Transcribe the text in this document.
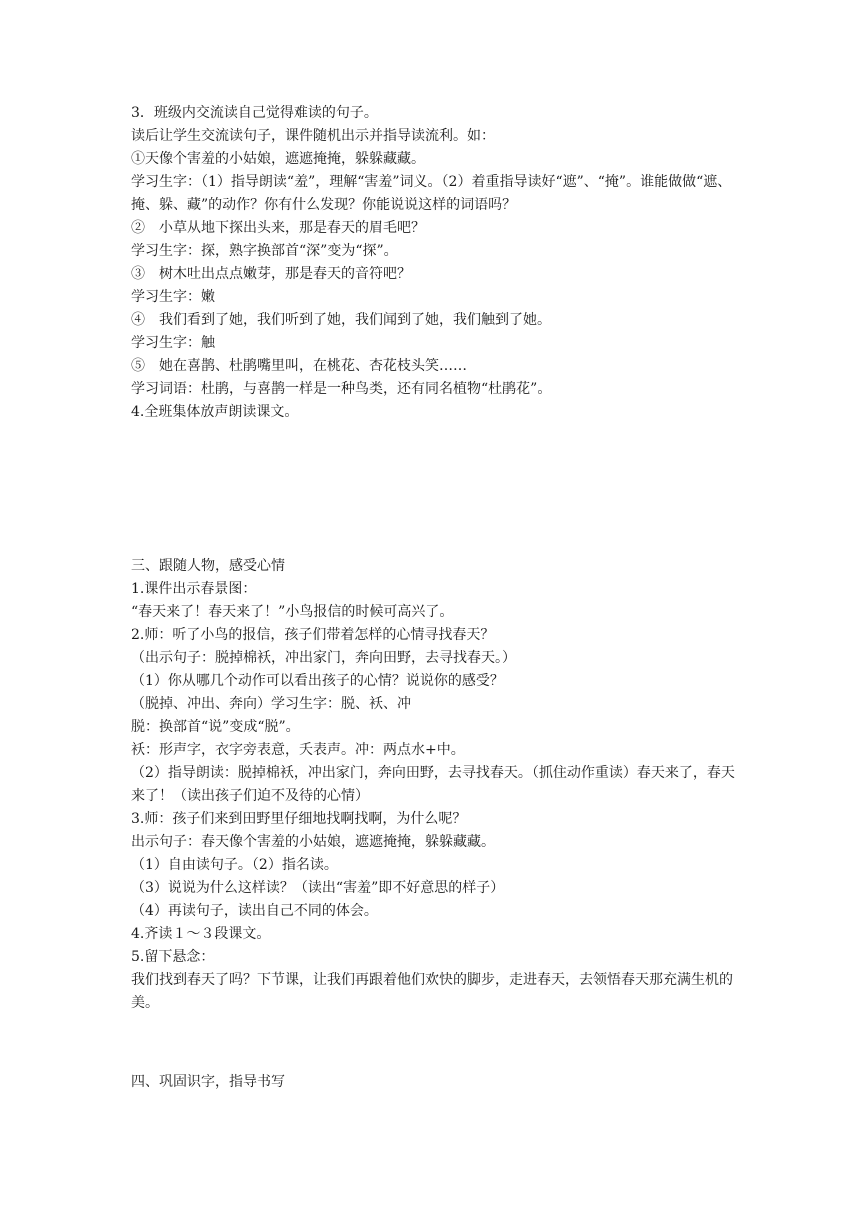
3．班级内交流读自己觉得难读的句子。
读后让学生交流读句子，课件随机出示并指导读流利。如：
①天像个害羞的小姑娘，遮遮掩掩，躲躲藏藏。
学习生字：（1）指导朗读“羞”，理解“害羞”词义。（2）着重指导读好“遮”、“掩”。谁能做做“遮、掩、躲、藏”的动作？你有什么发现？你能说说这样的词语吗？
②　小草从地下探出头来，那是春天的眉毛吧？
学习生字：探，熟字换部首“深”变为“探”。
③　树木吐出点点嫩芽，那是春天的音符吧？
学习生字：嫩
④　我们看到了她，我们听到了她，我们闻到了她，我们触到了她。
学习生字：触
⑤　她在喜鹊、杜鹃嘴里叫，在桃花、杏花枝头笑……
学习词语：杜鹃，与喜鹊一样是一种鸟类，还有同名植物“杜鹃花”。
4.全班集体放声朗读课文。
三、跟随人物，感受心情
1.课件出示春景图：
“春天来了！春天来了！”小鸟报信的时候可高兴了。
2.师：听了小鸟的报信，孩子们带着怎样的心情寻找春天？
（出示句子：脱掉棉袄，冲出家门，奔向田野，去寻找春天。）
（1）你从哪几个动作可以看出孩子的心情？说说你的感受？
（脱掉、冲出、奔向）学习生字：脱、袄、冲
脱：换部首“说”变成“脱”。
袄：形声字，衣字旁表意，夭表声。冲：两点水+中。
（2）指导朗读：脱掉棉袄，冲出家门，奔向田野，去寻找春天。（抓住动作重读）春天来了，春天来了！（读出孩子们迫不及待的心情）
3.师：孩子们来到田野里仔细地找啊找啊，为什么呢？
出示句子：春天像个害羞的小姑娘，遮遮掩掩，躲躲藏藏。
（1）自由读句子。（2）指名读。
（3）说说为什么这样读？（读出“害羞”即不好意思的样子）
（4）再读句子，读出自己不同的体会。
4.齐读１～３段课文。
5.留下悬念：
我们找到春天了吗？下节课，让我们再跟着他们欢快的脚步，走进春天，去领悟春天那充满生机的美。
四、巩固识字，指导书写
